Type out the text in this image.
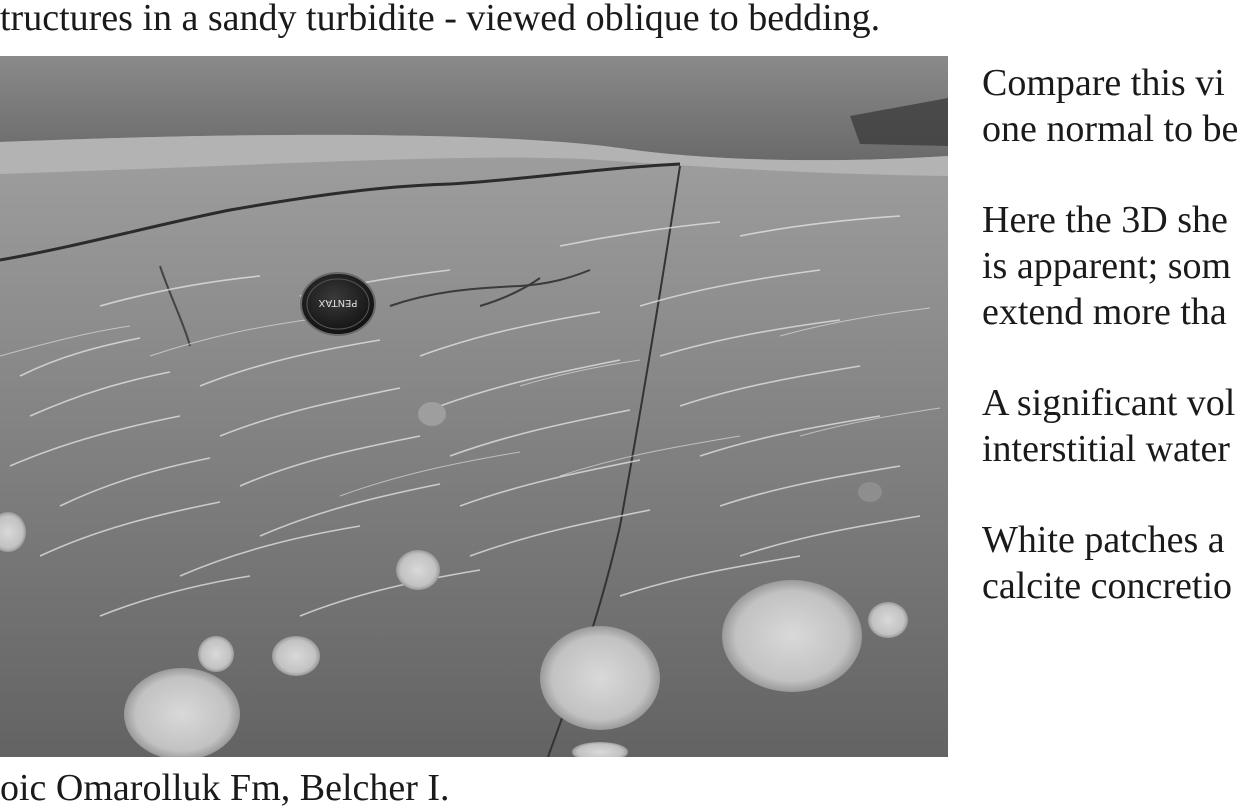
tructures in a sandy turbidite - viewed oblique to bedding.
PENTAX
oic Omarolluk Fm, Belcher I.
Compare this vi
one normal to be
Here the 3D she
is apparent; som
extend more tha
A significant vol
interstitial water
White patches a
calcite concretio
